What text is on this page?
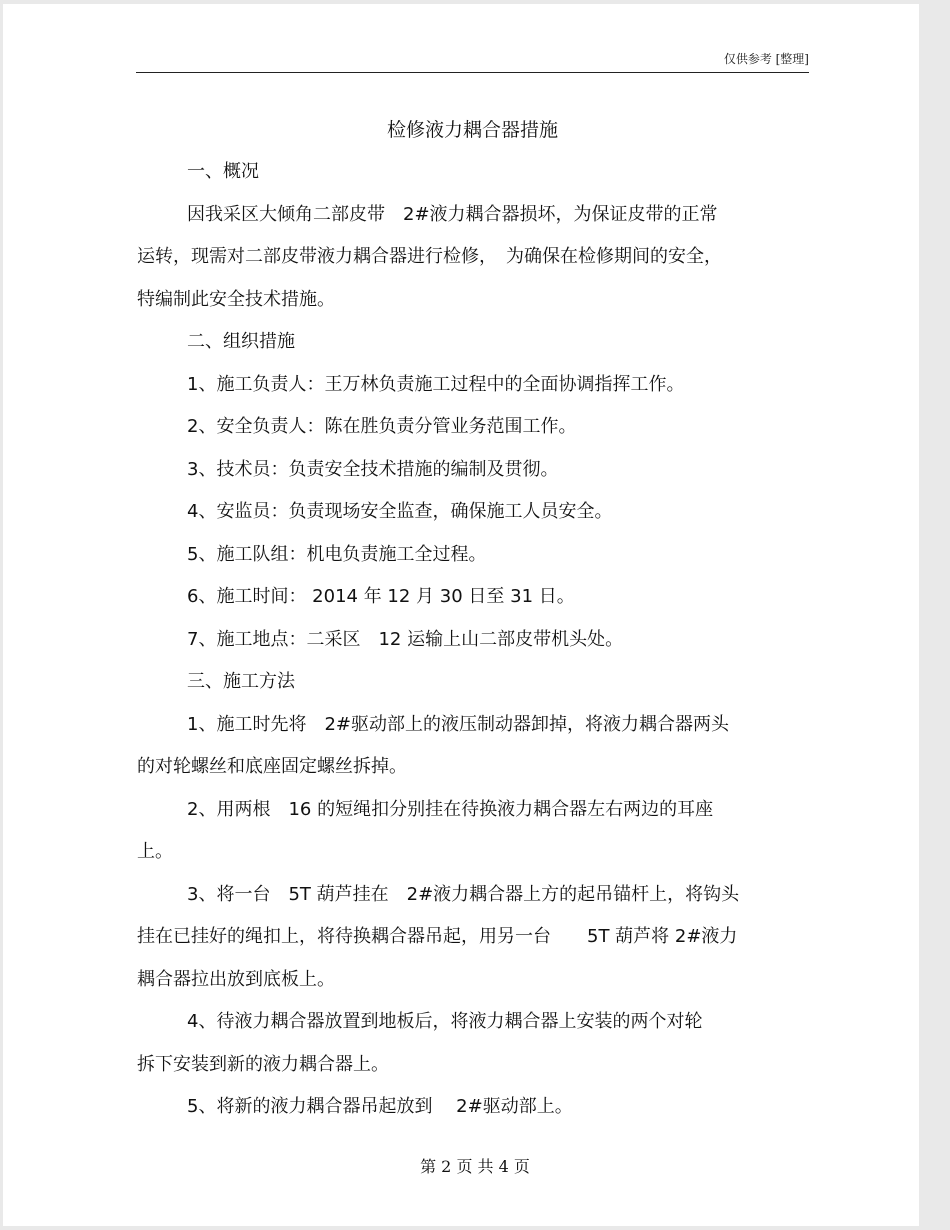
仅供参考 [整理]
检修液力耦合器措施
一、概况
因我采区大倾角二部皮带　2#液力耦合器损坏，为保证皮带的正常
运转，现需对二部皮带液力耦合器进行检修，　为确保在检修期间的安全，
特编制此安全技术措施。
二、组织措施
1、施工负责人：王万林负责施工过程中的全面协调指挥工作。
2、安全负责人：陈在胜负责分管业务范围工作。
3、技术员：负责安全技术措施的编制及贯彻。
4、安监员：负责现场安全监查，确保施工人员安全。
5、施工队组：机电负责施工全过程。
6、施工时间： 2014 年 12 月 30 日至 31 日。
7、施工地点：二采区　12 运输上山二部皮带机头处。
三、施工方法
1、施工时先将　2#驱动部上的液压制动器卸掉，将液力耦合器两头
的对轮螺丝和底座固定螺丝拆掉。
2、用两根　16 的短绳扣分别挂在待换液力耦合器左右两边的耳座
上。
3、将一台　5T 葫芦挂在　2#液力耦合器上方的起吊锚杆上，将钩头
挂在已挂好的绳扣上，将待换耦合器吊起，用另一台　　5T 葫芦将 2#液力
耦合器拉出放到底板上。
4、待液力耦合器放置到地板后，将液力耦合器上安装的两个对轮
拆下安装到新的液力耦合器上。
5、将新的液力耦合器吊起放到　 2#驱动部上。
第 2 页 共 4 页
